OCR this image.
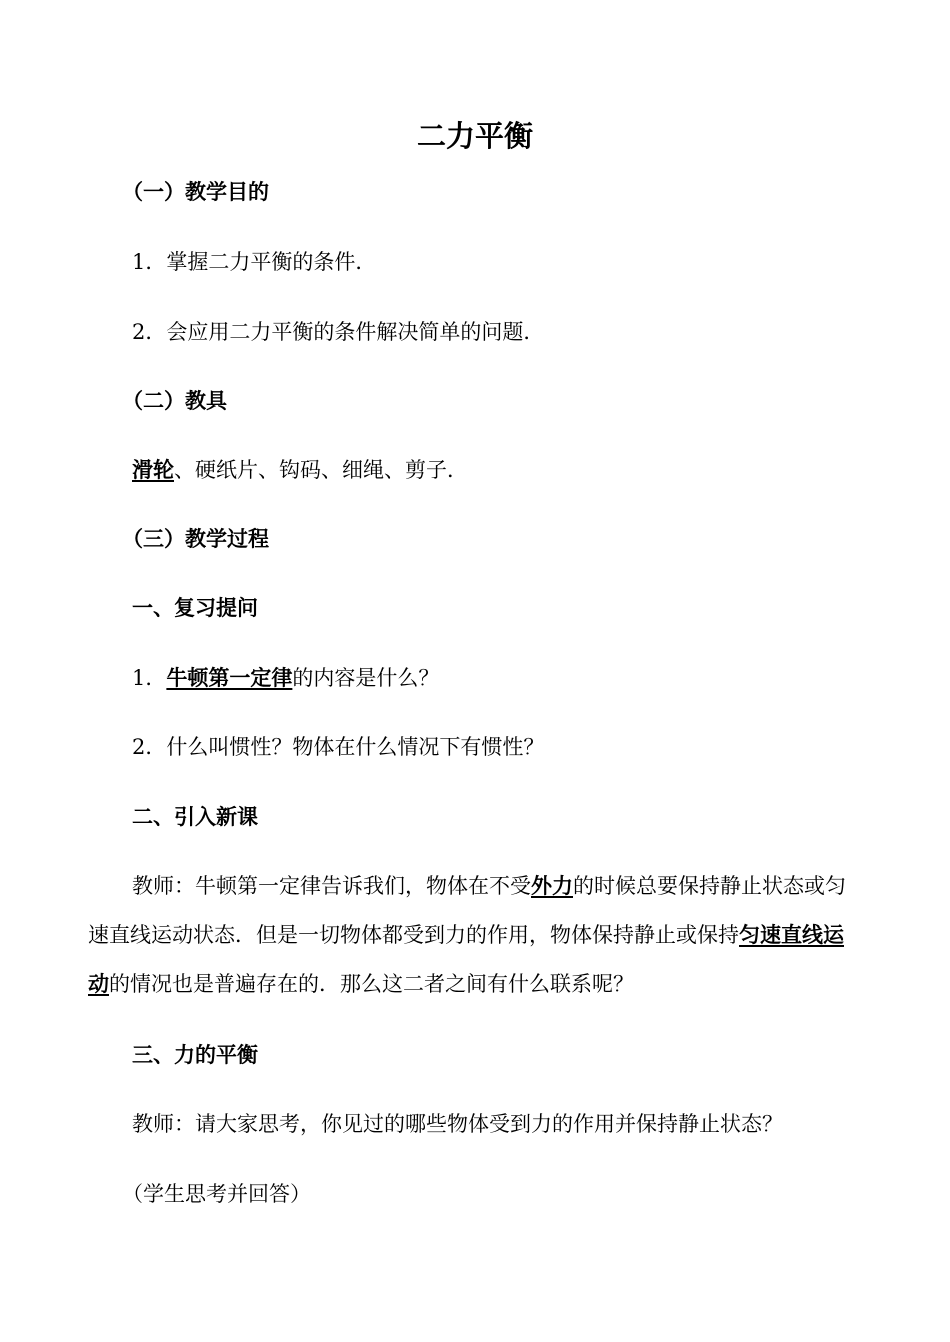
二力平衡
（一）教学目的
1．掌握二力平衡的条件．
2．会应用二力平衡的条件解决简单的问题．
（二）教具
滑轮、硬纸片、钩码、细绳、剪子．
（三）教学过程
一、复习提问
1．牛顿第一定律的内容是什么？
2．什么叫惯性？物体在什么情况下有惯性？
二、引入新课
教师：牛顿第一定律告诉我们，物体在不受外力的时候总要保持静止状态或匀速直线运动状态．但是一切物体都受到力的作用，物体保持静止或保持匀速直线运动的情况也是普遍存在的．那么这二者之间有什么联系呢？
三、力的平衡
教师：请大家思考，你见过的哪些物体受到力的作用并保持静止状态？
（学生思考并回答）
